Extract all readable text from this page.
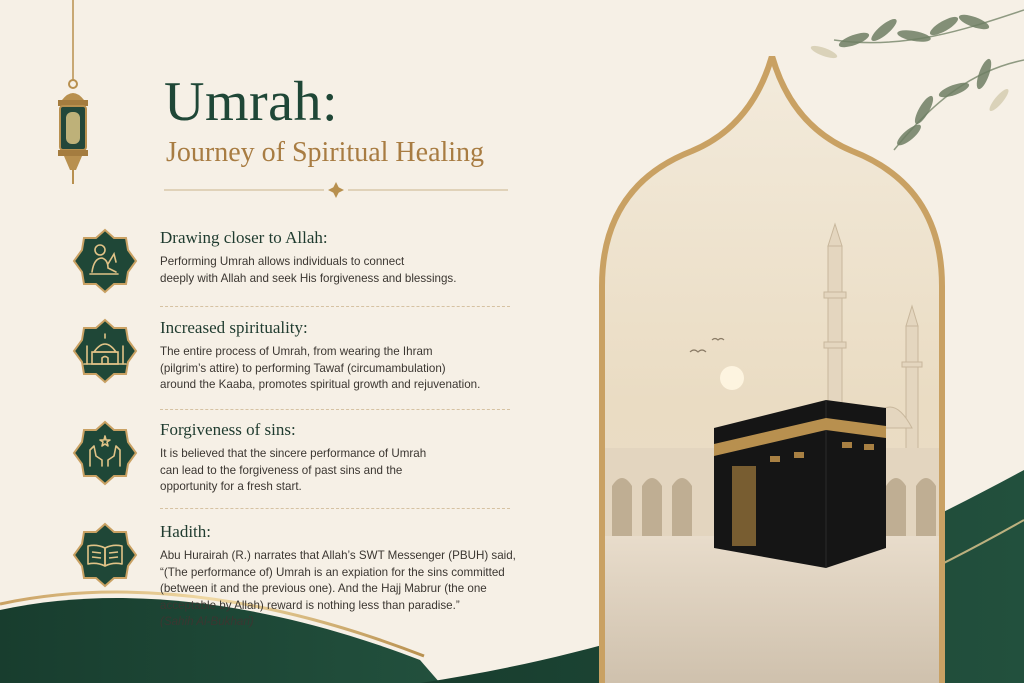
Umrah:
Journey of Spiritual Healing
Drawing closer to Allah:

Performing Umrah allows individuals to connect
deeply with Allah and seek His forgiveness and blessings.

Increased spirituality:

The entire process of Umrah, from wearing the Ihram
(pilgrim’s attire) to performing Tawaf (circumambulation)
around the Kaaba, promotes spiritual growth and rejuvenation.

Forgiveness of sins:

It is believed that the sincere performance of Umrah
can lead to the forgiveness of past sins and the
opportunity for a fresh start.

Hadith:

Abu Hurairah (R.) narrates that Allah’s SWT Messenger (PBUH) said,
“(The performance of) Umrah is an expiation for the sins committed
(between it and the previous one). And the Hajj Mabrur (the one
acceptable by Allah) reward is nothing less than paradise.”
(Sahih Al-Bukhari)
